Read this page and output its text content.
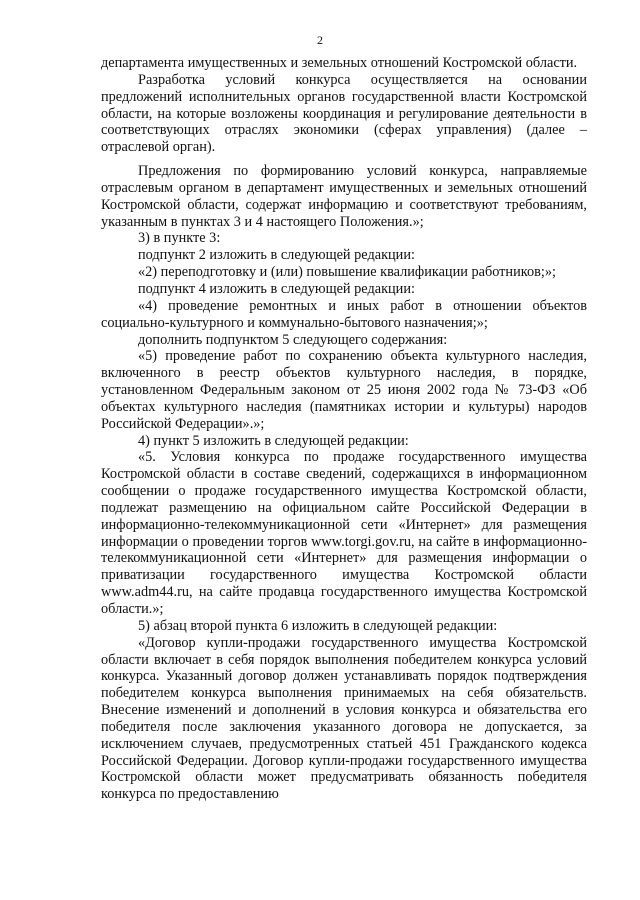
2

департамента имущественных и земельных отношений Костромской области.

Разработка условий конкурса осуществляется на основании предложений исполнительных органов государственной власти Костромской области, на которые возложены координация и регулирование деятельности в соответствующих отраслях экономики (сферах управления) (далее – отраслевой орган).

Предложения по формированию условий конкурса, направляемые отраслевым органом в департамент имущественных и земельных отношений Костромской области, содержат информацию и соответствуют требованиям, указанным в пунктах 3 и 4 настоящего Положения.»;

3) в пункте 3:

подпункт 2 изложить в следующей редакции:

«2) переподготовку и (или) повышение квалификации работников;»;

подпункт 4 изложить в следующей редакции:

«4) проведение ремонтных и иных работ в отношении объектов социально-культурного и коммунально-бытового назначения;»;

дополнить подпунктом 5 следующего содержания:

«5) проведение работ по сохранению объекта культурного наследия, включенного в реестр объектов культурного наследия, в порядке, установленном Федеральным законом от 25 июня 2002 года № 73-ФЗ «Об объектах культурного наследия (памятниках истории и культуры) народов Российской Федерации».»;

4) пункт 5 изложить в следующей редакции:

«5. Условия конкурса по продаже государственного имущества Костромской области в составе сведений, содержащихся в информационном сообщении о продаже государственного имущества Костромской области, подлежат размещению на официальном сайте Российской Федерации в информационно-телекоммуникационной сети «Интернет» для размещения информации о проведении торгов www.torgi.gov.ru, на сайте в информационно-телекоммуникационной сети «Интернет» для размещения информации о приватизации государственного имущества Костромской области www.adm44.ru, на сайте продавца государственного имущества Костромской области.»;

5) абзац второй пункта 6 изложить в следующей редакции:

«Договор купли-продажи государственного имущества Костромской области включает в себя порядок выполнения победителем конкурса условий конкурса. Указанный договор должен устанавливать порядок подтверждения победителем конкурса выполнения принимаемых на себя обязательств. Внесение изменений и дополнений в условия конкурса и обязательства его победителя после заключения указанного договора не допускается, за исключением случаев, предусмотренных статьей 451 Гражданского кодекса Российской Федерации. Договор купли-продажи государственного имущества Костромской области может предусматривать обязанность победителя конкурса по предоставлению
